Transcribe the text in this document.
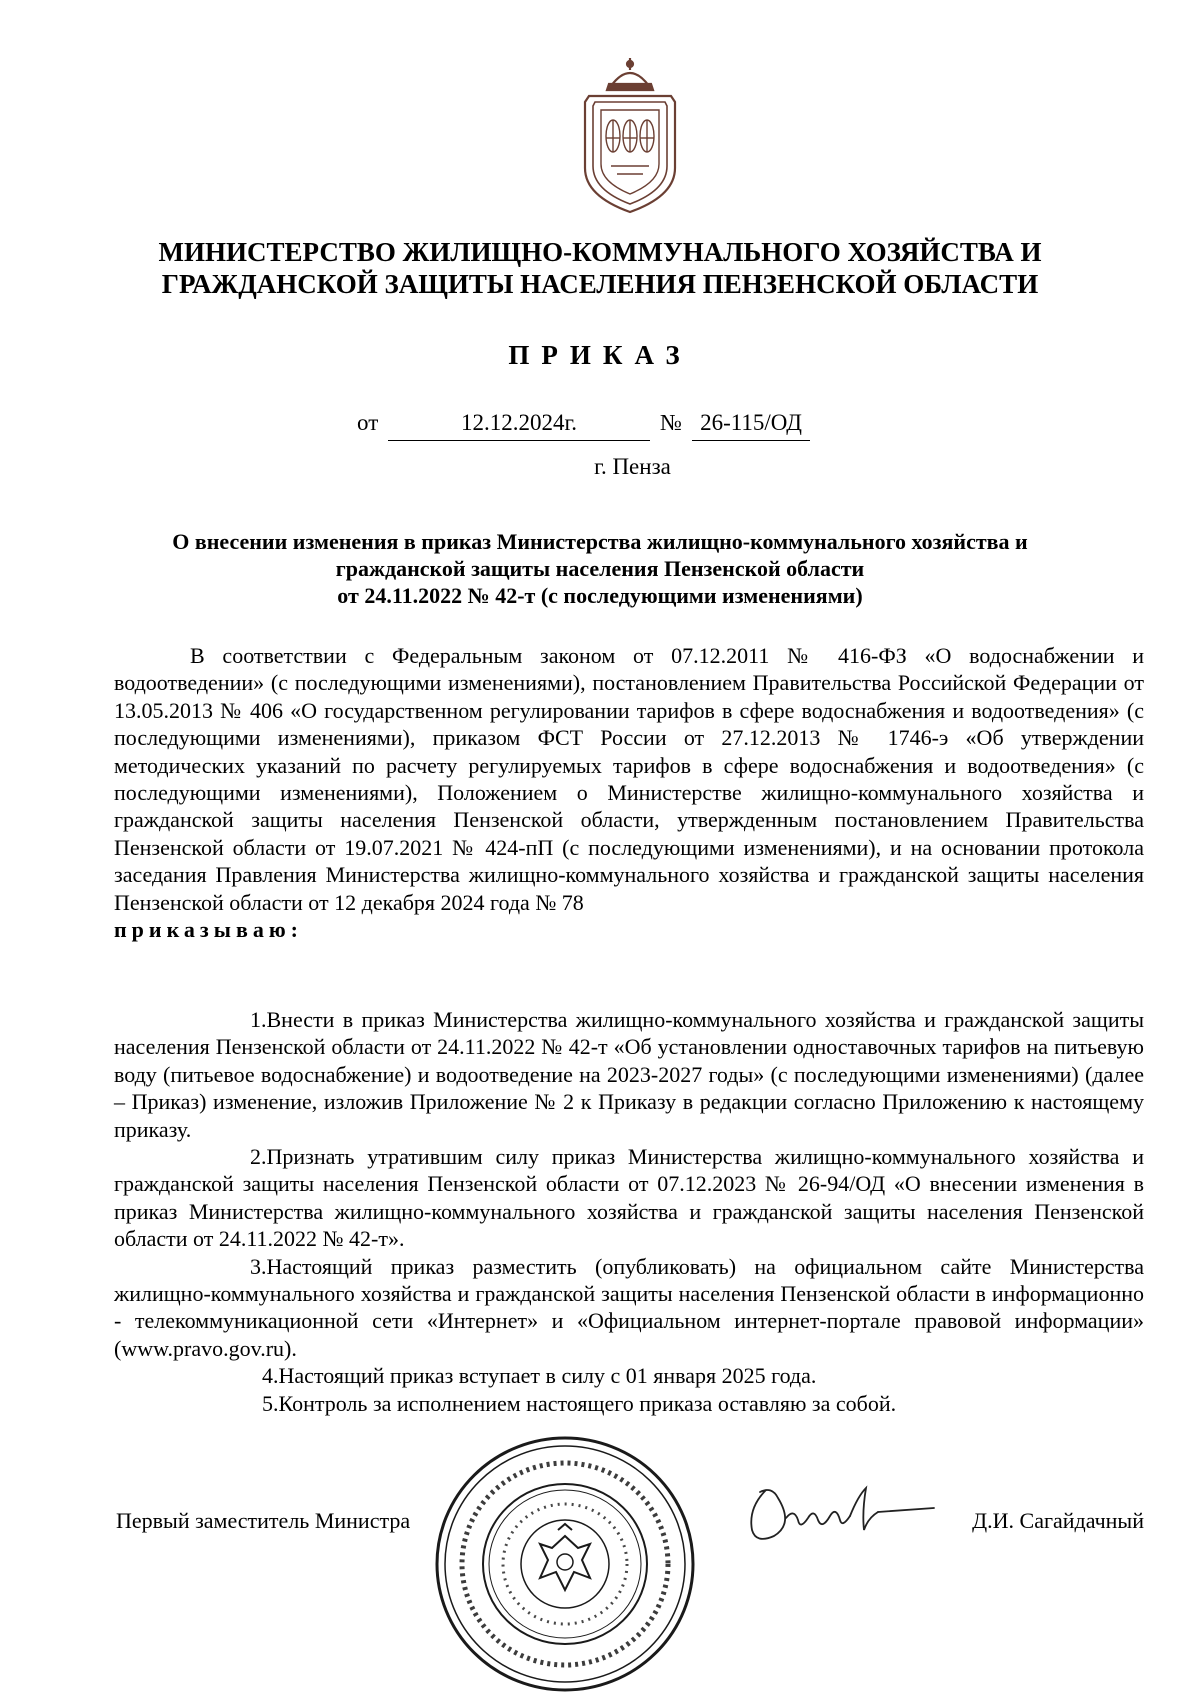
МИНИСТЕРСТВО ЖИЛИЩНО-КОММУНАЛЬНОГО ХОЗЯЙСТВА И
ГРАЖДАНСКОЙ ЗАЩИТЫ НАСЕЛЕНИЯ ПЕНЗЕНСКОЙ ОБЛАСТИ
ПРИКАЗ
от	12.12.2024г.	№ 26-115/ОД
г. Пенза
О внесении изменения в приказ Министерства жилищно-коммунального хозяйства и
гражданской защиты населения Пензенской области
от 24.11.2022 № 42-т (с последующими изменениями)

В соответствии с Федеральным законом от 07.12.2011 № 416-ФЗ «О водоснабжении и водоотведении» (с последующими изменениями), постановлением Правительства Российской Федерации от 13.05.2013 № 406 «О государственном регулировании тарифов в сфере водоснабжения и водоотведения» (с последующими изменениями), приказом ФСТ России от 27.12.2013 № 1746-э «Об утверждении методических указаний по расчету регулируемых тарифов в сфере водоснабжения и водоотведения» (с последующими изменениями), Положением о Министерстве жилищно-коммунального хозяйства и гражданской защиты населения Пензенской области, утвержденным постановлением Правительства Пензенской области от 19.07.2021 № 424-пП (с последующими изменениями), и на основании протокола заседания Правления Министерства жилищно-коммунального хозяйства и гражданской защиты населения Пензенской области от 12 декабря 2024 года № 78

приказываю:

1.Внести в приказ Министерства жилищно-коммунального хозяйства и гражданской защиты населения Пензенской области от 24.11.2022 № 42-т «Об установлении одноставочных тарифов на питьевую воду (питьевое водоснабжение) и водоотведение на 2023-2027 годы» (с последующими изменениями) (далее – Приказ) изменение, изложив Приложение № 2 к Приказу в редакции согласно Приложению к настоящему приказу.

2.Признать утратившим силу приказ Министерства жилищно-коммунального хозяйства и гражданской защиты населения Пензенской области от 07.12.2023 № 26-94/ОД «О внесении изменения в приказ Министерства жилищно-коммунального хозяйства и гражданской защиты населения Пензенской области от 24.11.2022 № 42-т».

3.Настоящий приказ разместить (опубликовать) на официальном сайте Министерства жилищно-коммунального хозяйства и гражданской защиты населения Пензенской области в информационно - телекоммуникационной сети «Интернет» и «Официальном интернет-портале правовой информации» (www.pravo.gov.ru).

4.Настоящий приказ вступает в силу с 01 января 2025 года.

5.Контроль за исполнением настоящего приказа оставляю за собой.

Первый заместитель Министра	Д.И. Сагайдачный
